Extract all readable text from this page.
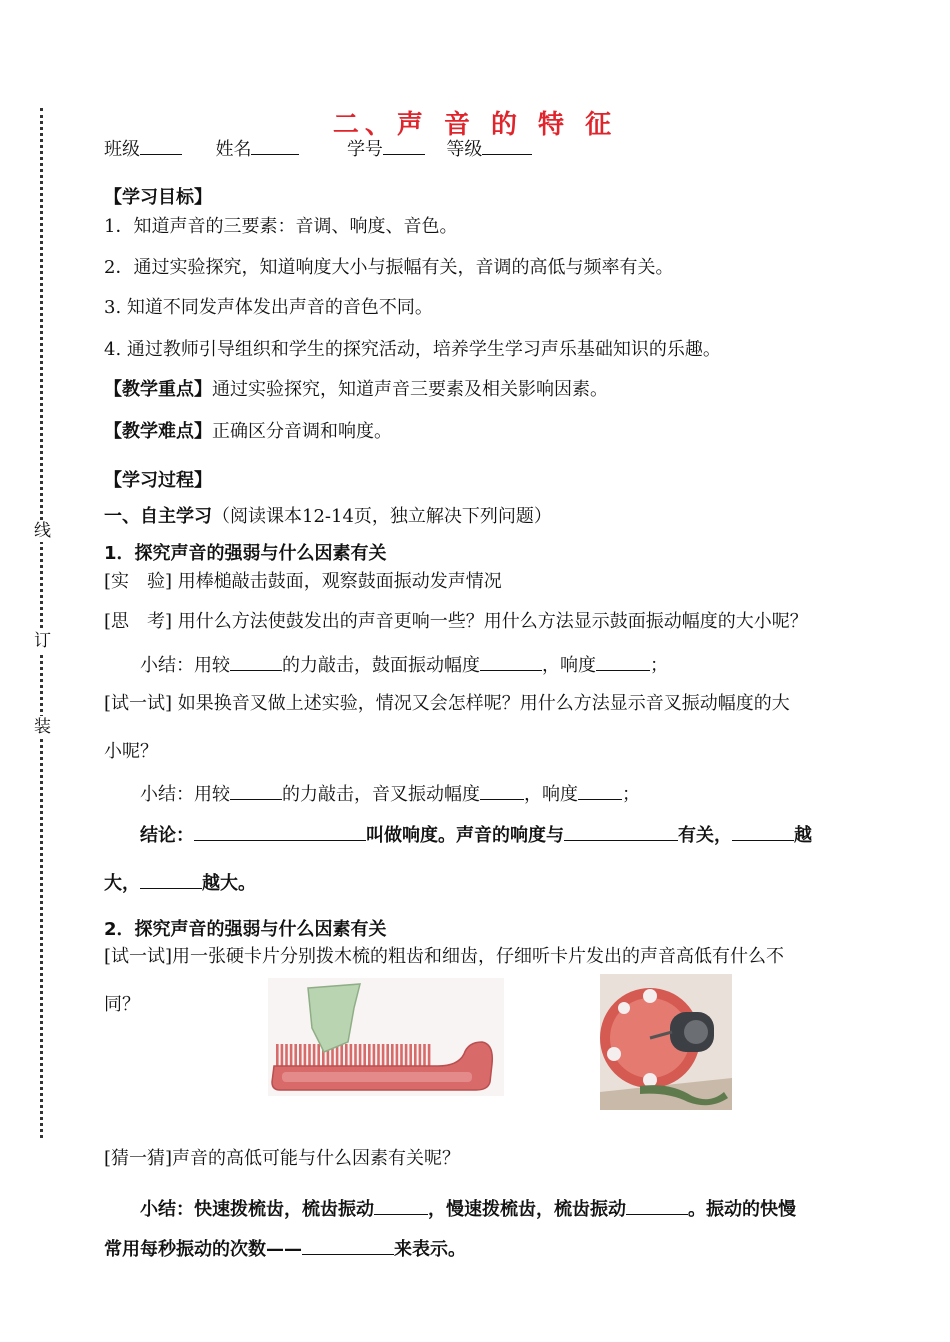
线
订
装
二、声 音 的 特 征
班级	姓名	学号	等级
【学习目标】
1．知道声音的三要素：音调、响度、音色。
2．通过实验探究，知道响度大小与振幅有关，音调的高低与频率有关。
3. 知道不同发声体发出声音的音色不同。
4. 通过教师引导组织和学生的探究活动，培养学生学习声乐基础知识的乐趣。
【教学重点】通过实验探究，知道声音三要素及相关影响因素。
【教学难点】正确区分音调和响度。
【学习过程】
一、自主学习（阅读课本12-14页，独立解决下列问题）
1．探究声音的强弱与什么因素有关
[实　验] 用棒槌敲击鼓面，观察鼓面振动发声情况
[思　考] 用什么方法使鼓发出的声音更响一些？用什么方法显示鼓面振动幅度的大小呢？
小结：用较	的力敲击，鼓面振动幅度	，响度	；
[试一试] 如果换音叉做上述实验，情况又会怎样呢？用什么方法显示音叉振动幅度的大
小呢？
小结：用较	的力敲击，音叉振动幅度 ，响度 ；
结论：	叫做响度。声音的响度与	有关，	越
大，	越大。
2．探究声音的强弱与什么因素有关
[试一试]用一张硬卡片分别拨木梳的粗齿和细齿，仔细听卡片发出的声音高低有什么不
同？
[猜一猜]声音的高低可能与什么因素有关呢？
小结：快速拨梳齿，梳齿振动	，慢速拨梳齿，梳齿振动	。振动的快慢
常用每秒振动的次数——	来表示。
